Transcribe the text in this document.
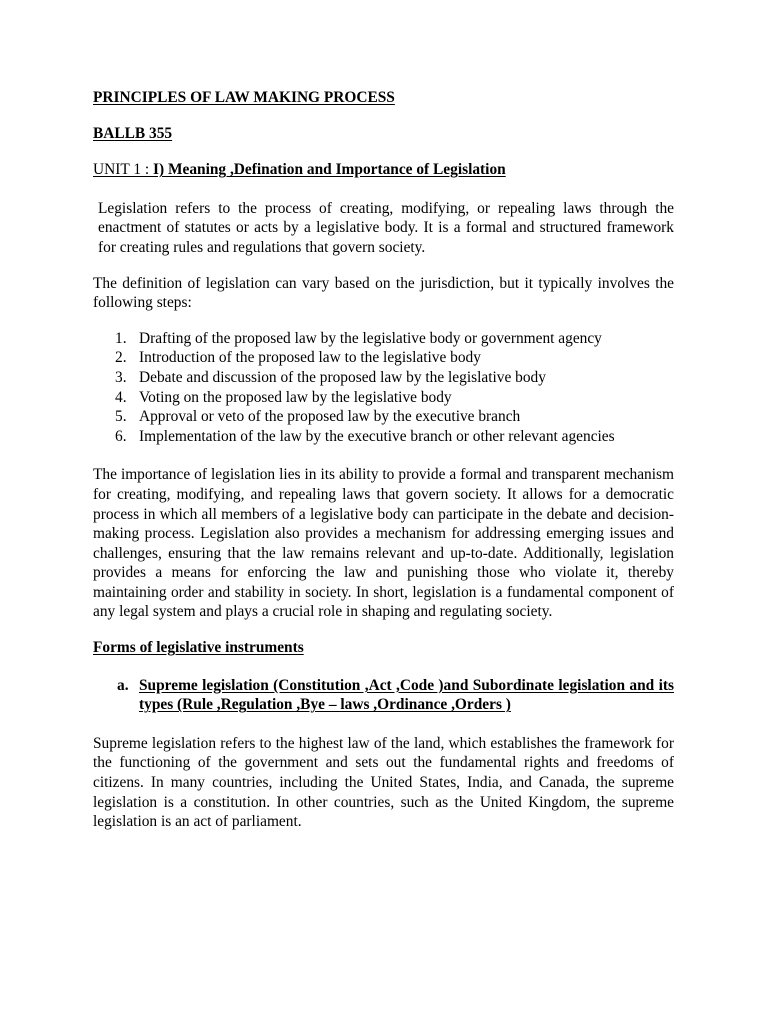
PRINCIPLES OF LAW MAKING PROCESS

BALLB 355

UNIT 1 : I) Meaning ,Defination and Importance of Legislation

Legislation refers to the process of creating, modifying, or repealing laws through the enactment of statutes or acts by a legislative body. It is a formal and structured framework for creating rules and regulations that govern society.

The definition of legislation can vary based on the jurisdiction, but it typically involves the following steps:

1. Drafting of the proposed law by the legislative body or government agency
2. Introduction of the proposed law to the legislative body
3. Debate and discussion of the proposed law by the legislative body
4. Voting on the proposed law by the legislative body
5. Approval or veto of the proposed law by the executive branch
6. Implementation of the law by the executive branch or other relevant agencies

The importance of legislation lies in its ability to provide a formal and transparent mechanism for creating, modifying, and repealing laws that govern society. It allows for a democratic process in which all members of a legislative body can participate in the debate and decision-making process. Legislation also provides a mechanism for addressing emerging issues and challenges, ensuring that the law remains relevant and up-to-date. Additionally, legislation provides a means for enforcing the law and punishing those who violate it, thereby maintaining order and stability in society. In short, legislation is a fundamental component of any legal system and plays a crucial role in shaping and regulating society.

Forms of legislative instruments

a. Supreme legislation (Constitution ,Act ,Code )and Subordinate legislation and its types (Rule ,Regulation ,Bye – laws ,Ordinance ,Orders )

Supreme legislation refers to the highest law of the land, which establishes the framework for the functioning of the government and sets out the fundamental rights and freedoms of citizens. In many countries, including the United States, India, and Canada, the supreme legislation is a constitution. In other countries, such as the United Kingdom, the supreme legislation is an act of parliament.
